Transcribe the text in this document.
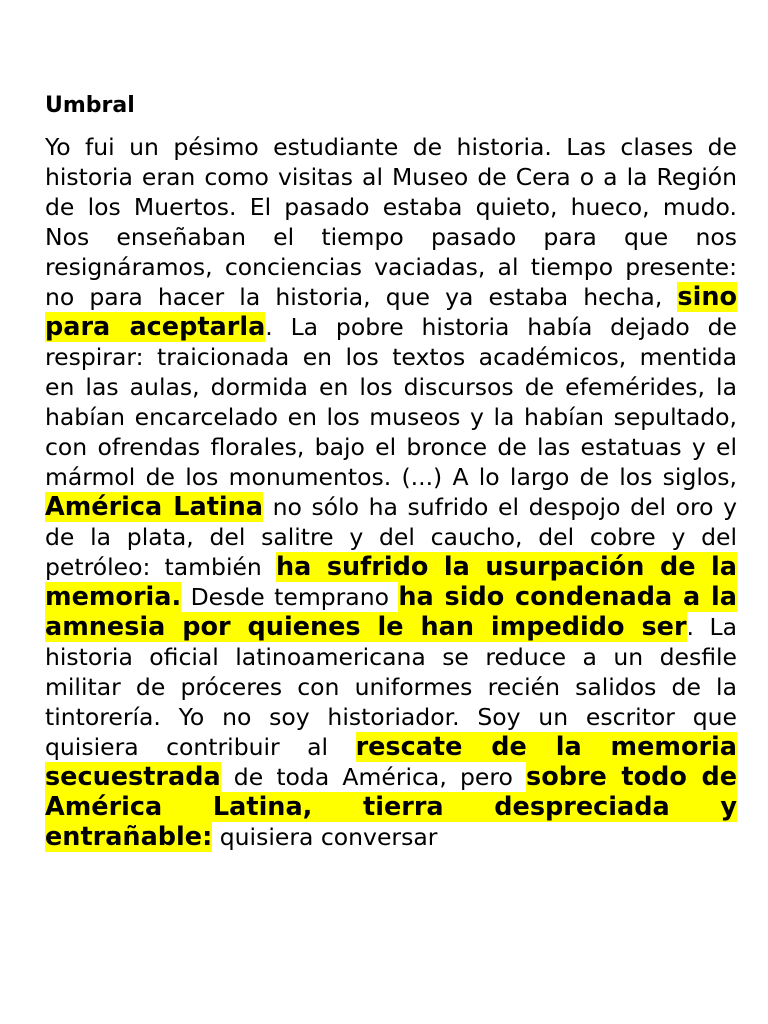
Umbral

Yo fui un pésimo estudiante de historia. Las clases de historia eran como visitas al Museo de Cera o a la Región de los Muertos. El pasado estaba quieto, hueco, mudo. Nos enseñaban el tiempo pasado para que nos resignáramos, conciencias vaciadas, al tiempo presente: no para hacer la historia, que ya estaba hecha, sino para aceptarla. La pobre historia había dejado de respirar: traicionada en los textos académicos, mentida en las aulas, dormida en los discursos de efemérides, la habían encarcelado en los museos y la habían sepultado, con ofrendas florales, bajo el bronce de las estatuas y el mármol de los monumentos. (...) A lo largo de los siglos, América Latina no sólo ha sufrido el despojo del oro y de la plata, del salitre y del caucho, del cobre y del petróleo: también ha sufrido la usurpación de la memoria. Desde temprano ha sido condenada a la amnesia por quienes le han impedido ser. La historia oficial latinoamericana se reduce a un desfile militar de próceres con uniformes recién salidos de la tintorería. Yo no soy historiador. Soy un escritor que quisiera contribuir al rescate de la memoria secuestrada de toda América, pero sobre todo de América Latina, tierra despreciada y entrañable: quisiera conversar
